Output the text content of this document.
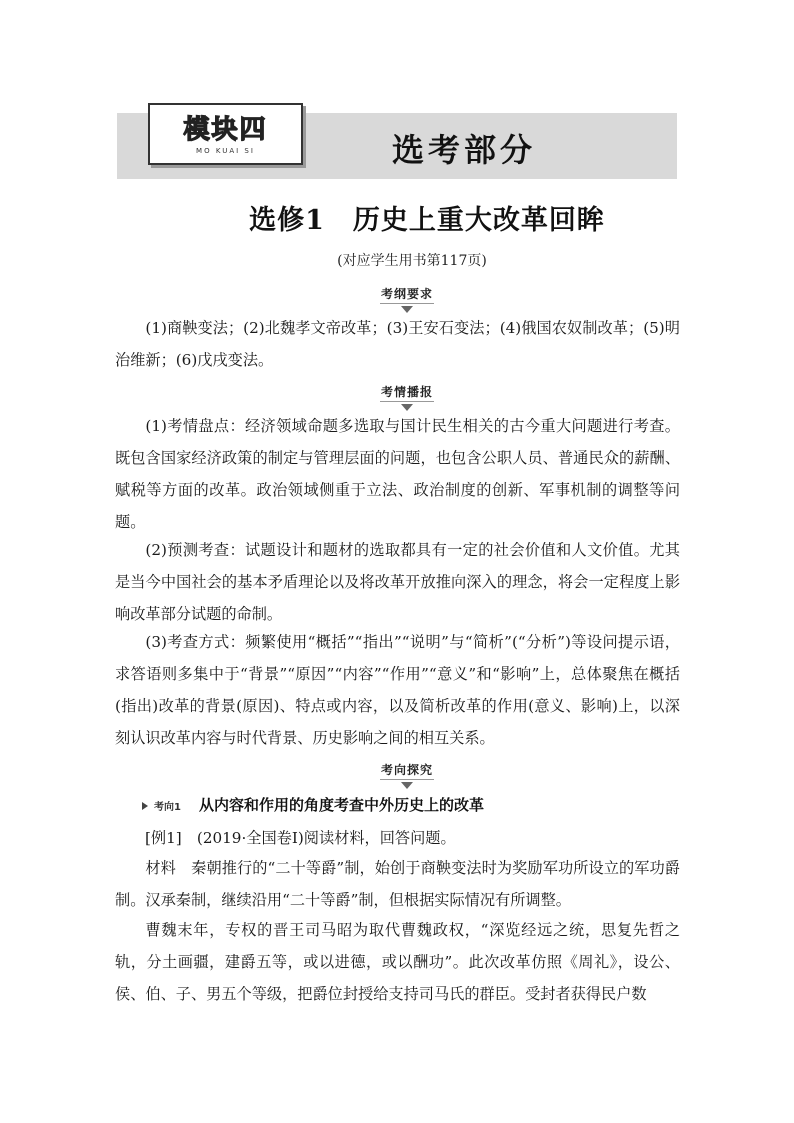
模块四
MO KUAI SI	选考部分
选修1　历史上重大改革回眸
(对应学生用书第117页)
考纲要求

(1)商鞅变法；(2)北魏孝文帝改革；(3)王安石变法；(4)俄国农奴制改革；(5)明治维新；(6)戊戌变法。

考情播报

(1)考情盘点：经济领域命题多选取与国计民生相关的古今重大问题进行考查。既包含国家经济政策的制定与管理层面的问题，也包含公职人员、普通民众的薪酬、赋税等方面的改革。政治领域侧重于立法、政治制度的创新、军事机制的调整等问题。

(2)预测考查：试题设计和题材的选取都具有一定的社会价值和人文价值。尤其是当今中国社会的基本矛盾理论以及将改革开放推向深入的理念，将会一定程度上影响改革部分试题的命制。

(3)考查方式：频繁使用“概括”“指出”“说明”与“简析”(“分析”)等设问提示语，求答语则多集中于“背景”“原因”“内容”“作用”“意义”和“影响”上，总体聚焦在概括(指出)改革的背景(原因)、特点或内容，以及简析改革的作用(意义、影响)上，以深刻认识改革内容与时代背景、历史影响之间的相互关系。

考向探究
考向1 从内容和作用的角度考查中外历史上的改革

[例1]　(2019·全国卷Ⅰ)阅读材料，回答问题。

材料　秦朝推行的“二十等爵”制，始创于商鞅变法时为奖励军功所设立的军功爵制。汉承秦制，继续沿用“二十等爵”制，但根据实际情况有所调整。

曹魏末年，专权的晋王司马昭为取代曹魏政权，“深览经远之统，思复先哲之轨，分土画疆，建爵五等，或以进德，或以酬功”。此次改革仿照《周礼》，设公、侯、伯、子、男五个等级，把爵位封授给支持司马氏的群臣。受封者获得民户数
